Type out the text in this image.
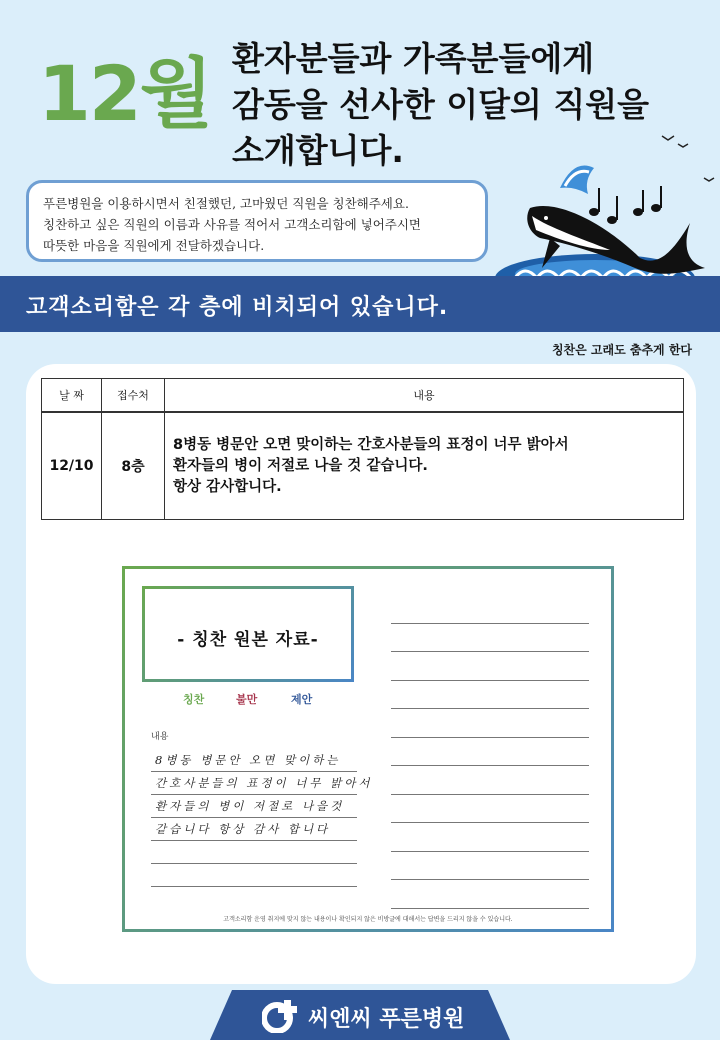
12월 환자분들과 가족분들에게
감동을 선사한 이달의 직원을
소개합니다.
푸른병원을 이용하시면서 친절했던, 고마웠던 직원을 칭찬해주세요.
칭찬하고 싶은 직원의 이름과 사유를 적어서 고객소리함에 넣어주시면
따뜻한 마음을 직원에게 전달하겠습니다.
고객소리함은 각 층에 비치되어 있습니다.
칭찬은 고래도 춤추게 한다
날 짜	접수처	내용
12/10	8층	8병동 병문안 오면 맞이하는 간호사분들의 표정이 너무 밝아서
환자들의 병이 저절로 나을 것 같습니다.
항상 감사합니다.
- 칭찬 원본 자료-
칭찬	불만	제안
내용
8병동 병문안 오면 맞이하는
간호사분들의 표정이 너무 밝아서
환자들의 병이 저절로 나을것
같습니다 항상 감사 합니다
고객소리함 운영 취지에 맞지 않는 내용이나 확인되지 않은 비방글에 대해서는 답변을 드리지 않을 수 있습니다.
씨엔씨 푸른병원
